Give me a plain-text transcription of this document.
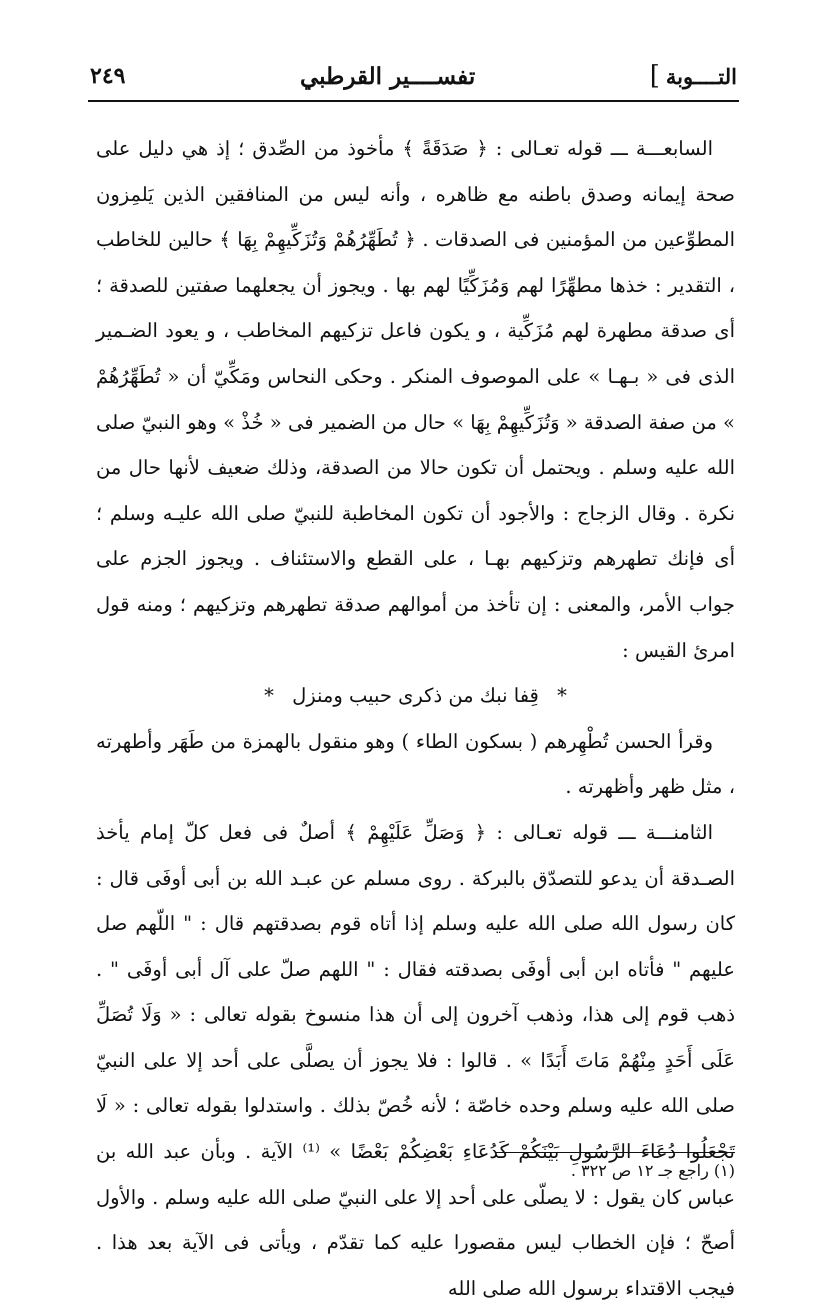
التــــوبة
]
تفســــير القرطبي
٢٤٩

السابعـــة ـــ قوله تعـالى : ﴿ صَدَقَةً ﴾ مأخوذ من الصِّدق ؛ إذ هي دليل على صحة إيمانه وصدق باطنه مع ظاهره ، وأنه ليس من المنافقين الذين يَلمِزون المطوِّعين من المؤمنين فى الصدقات . ﴿ تُطَهِّرُهُمْ وَتُزَكِّيهِمْ بِهَا ﴾ حالين للخاطب ، التقدير : خذها مطهِّرًا لهم وَمُزَكِّيًا لهم بها . ويجوز أن يجعلهما صفتين للصدقة ؛ أى صدقة مطهرة لهم مُزَكِّية ، و يكون فاعل تزكيهم المخاطب ، و يعود الضـمير الذى فى « بـهـا » على الموصوف المنكر . وحكى النحاس ومَكِّيّ أن « تُطَهِّرُهُمْ » من صفة الصدقة « وَتُزَكِّيهِمْ بِهَا » حال من الضمير فى « خُذْ » وهو النبيّ صلى الله عليه وسلم . ويحتمل أن تكون حالا من الصدقة، وذلك ضعيف لأنها حال من نكرة . وقال الزجاج : والأجود أن تكون المخاطبة للنبيّ صلى الله عليـه وسلم ؛ أى فإنك تطهرهم وتزكيهم بهـا ، على القطع والاستئناف . ويجوز الجزم على جواب الأمر، والمعنى : إن تأخذ من أموالهم صدقة تطهرهم وتزكيهم ؛ ومنه قول امرئ القيس :

* قِفا نبك من ذكرى حبيب ومنزل *

وقرأ الحسن تُطْهِرهم ( بسكون الطاء ) وهو منقول بالهمزة من طَهَر وأطهرته ، مثل ظهر وأظهرته .

الثامنـــة ـــ قوله تعـالى : ﴿ وَصَلِّ عَلَيْهِمْ ﴾ أصلٌ فى فعل كلّ إمام يأخذ الصـدقة أن يدعو للتصدّق بالبركة . روى مسلم عن عبـد الله بن أبى أوفَى قال : كان رسول الله صلى الله عليه وسلم إذا أتاه قوم بصدقتهم قال : " اللّهم صل عليهم " فأتاه ابن أبى أوفَى بصدقته فقال : " اللهم صلّ على آل أبى أوفَى " . ذهب قوم إلى هذا، وذهب آخرون إلى أن هذا منسوخ بقوله تعالى : « وَلَا تُصَلِّ عَلَى أَحَدٍ مِنْهُمْ مَاتَ أَبَدًا » . قالوا : فلا يجوز أن يصلَّى على أحد إلا على النبيّ صلى الله عليه وسلم وحده خاصّة ؛ لأنه خُصّ بذلك . واستدلوا بقوله تعالى : « لَا تَجْعَلُوا دُعَاءَ الرَّسُولِ بَيْنَكُمْ كَدُعَاءِ بَعْضِكُمْ بَعْضًا » ⁽¹⁾ الآية . وبأن عبد الله بن عباس كان يقول : لا يصلّى على أحد إلا على النبيّ صلى الله عليه وسلم . والأول أصحّ ؛ فإن الخطاب ليس مقصورا عليه كما تقدّم ، ويأتى فى الآية بعد هذا . فيجب الاقتداء برسول الله صلى الله

(١) راجع جـ ١٢ ص ٣٢٢ .
